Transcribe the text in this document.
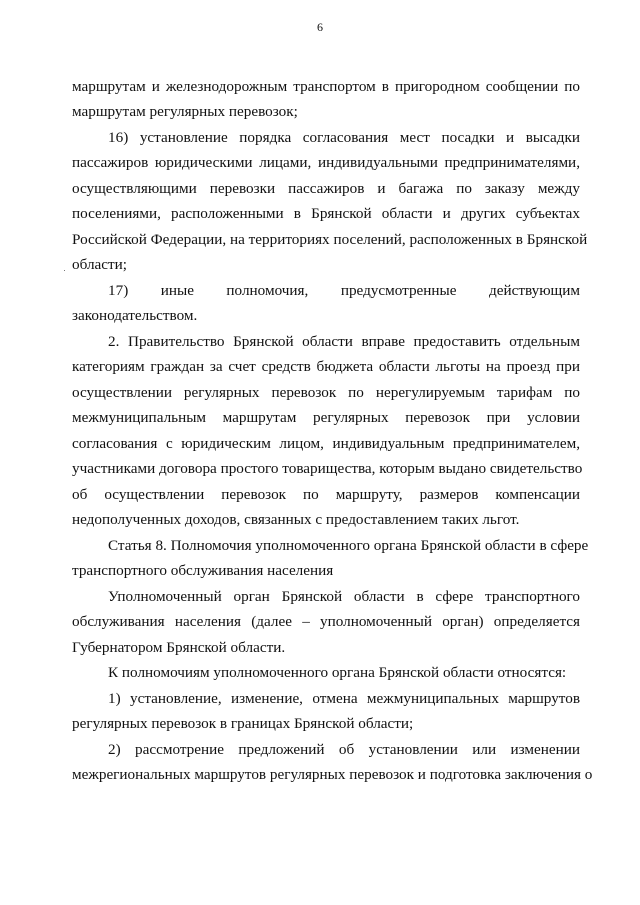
6
маршрутам и железнодорожным транспортом в пригородном сообщении по
маршрутам регулярных перевозок;
16) установление порядка согласования мест посадки и высадки
пассажиров юридическими лицами, индивидуальными предпринимателями,
осуществляющими перевозки пассажиров и багажа по заказу между
поселениями, расположенными в Брянской области и других субъектах
Российской Федерации, на территориях поселений, расположенных в Брянской
области;
17) иные полномочия, предусмотренные действующим
законодательством.
2. Правительство Брянской области вправе предоставить отдельным
категориям граждан за счет средств бюджета области льготы на проезд при
осуществлении регулярных перевозок по нерегулируемым тарифам по
межмуниципальным маршрутам регулярных перевозок при условии
согласования с юридическим лицом, индивидуальным предпринимателем,
участниками договора простого товарищества, которым выдано свидетельство
об осуществлении перевозок по маршруту, размеров компенсации
недополученных доходов, связанных с предоставлением таких льгот.
Статья 8. Полномочия уполномоченного органа Брянской области в сфере
транспортного обслуживания населения
Уполномоченный орган Брянской области в сфере транспортного
обслуживания населения (далее – уполномоченный орган) определяется
Губернатором Брянской области.
К полномочиям уполномоченного органа Брянской области относятся:
1) установление, изменение, отмена межмуниципальных маршрутов
регулярных перевозок в границах Брянской области;
2) рассмотрение предложений об установлении или изменении
межрегиональных маршрутов регулярных перевозок и подготовка заключения о
